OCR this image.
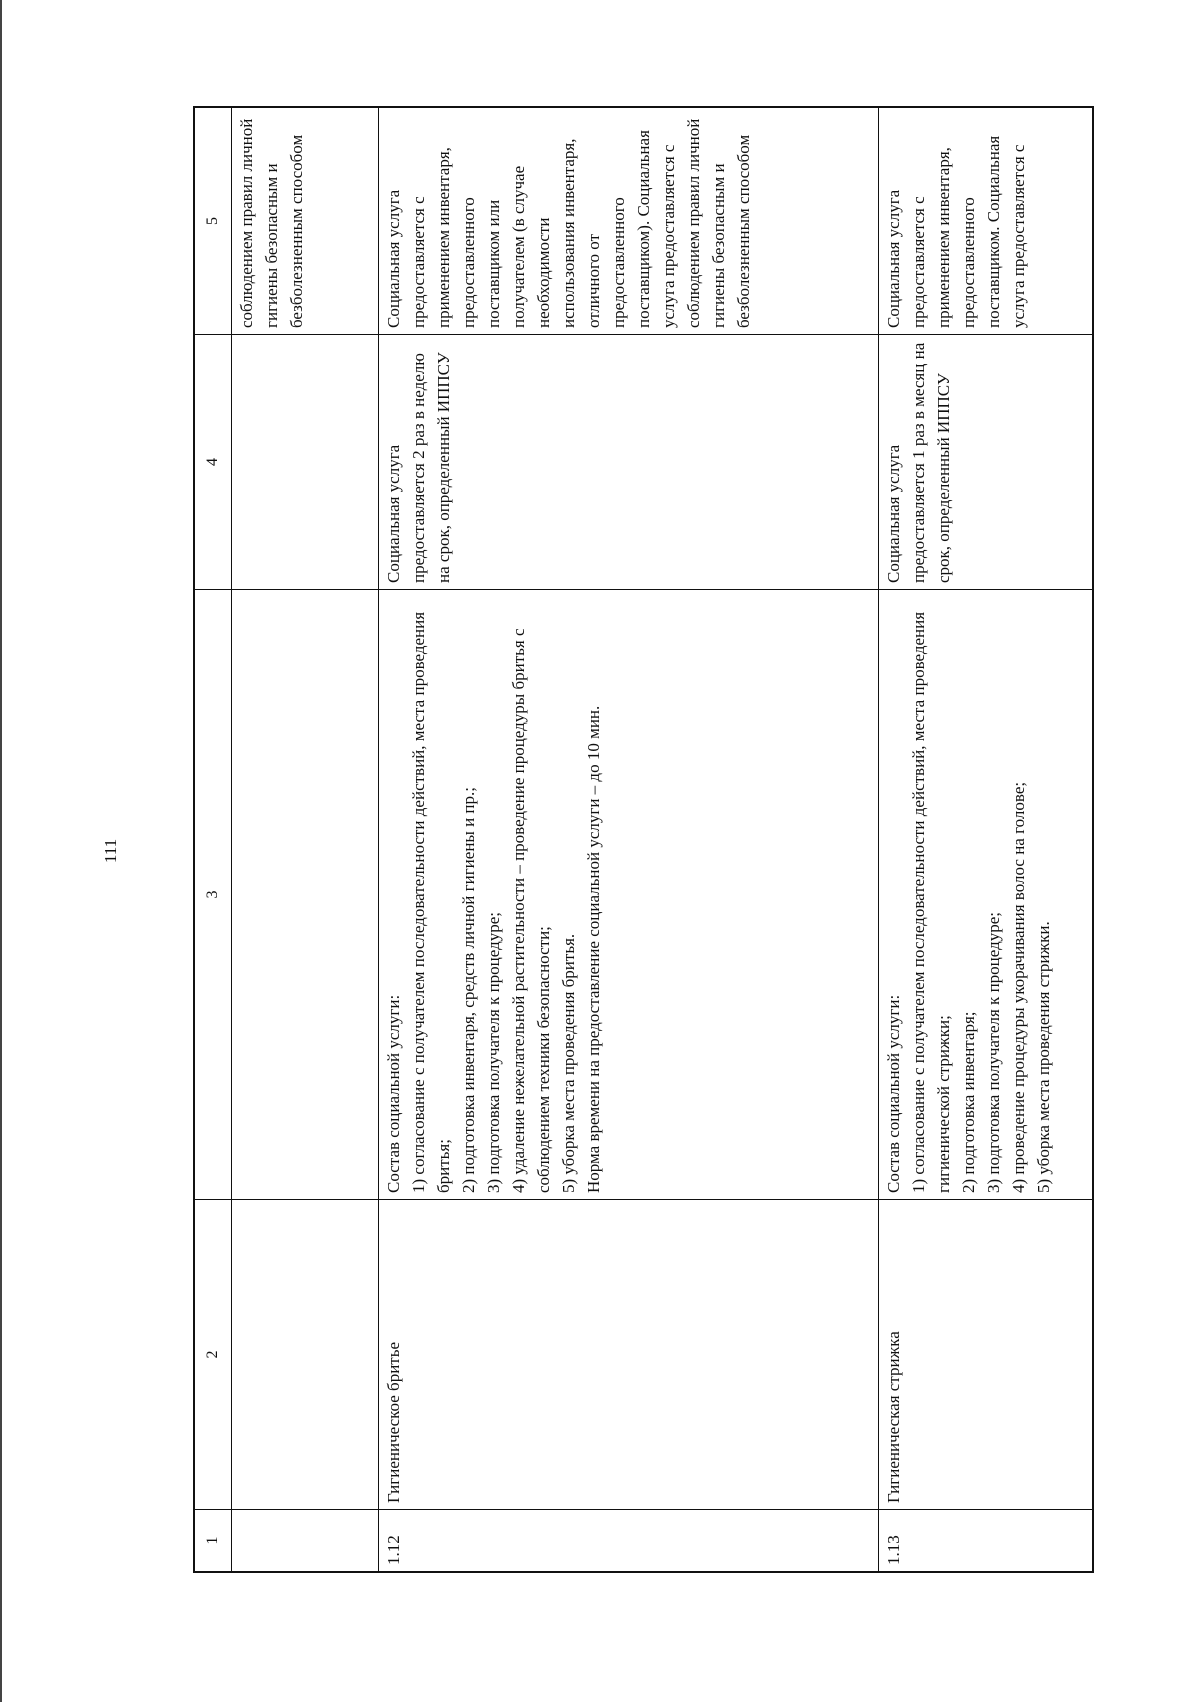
111
1
2
3
4
5 соблюдением правил личной гигиены безопасным и безболезненным способом
1.12
Гигиеническое бритье

Состав социальной услуги: 1) согласование с получателем последовательности действий, места проведения бритья; 2) подготовка инвентаря, средств личной гигиены и пр.; 3) подготовка получателя к процедуре; 4) удаление нежелательной растительности – проведение процедуры бритья с соблюдением техники безопасности; 5) уборка места проведения бритья. Норма времени на предоставление социальной услуги – до 10 мин.

Социальная услуга предоставляется 2 раз в неделю на срок, определенный ИППСУ
Социальная услуга предоставляется с применением инвентаря, предоставленного поставщиком или получателем (в случае необходимости использования инвентаря, отличного от предоставленного поставщиком). Социальная услуга предоставляется с соблюдением правил личной гигиены безопасным и безболезненным способом
1.13
Гигиеническая стрижка

Состав социальной услуги: 1) согласование с получателем последовательности действий, места проведения гигиенической стрижки; 2) подготовка инвентаря; 3) подготовка получателя к процедуре; 4) проведение процедуры укорачивания волос на голове; 5) уборка места проведения стрижки.
Социальная услуга предоставляется 1 раз в месяц на срок, определенный ИППСУ
Социальная услуга предоставляется с применением инвентаря, предоставленного поставщиком. Социальная услуга предоставляется с
